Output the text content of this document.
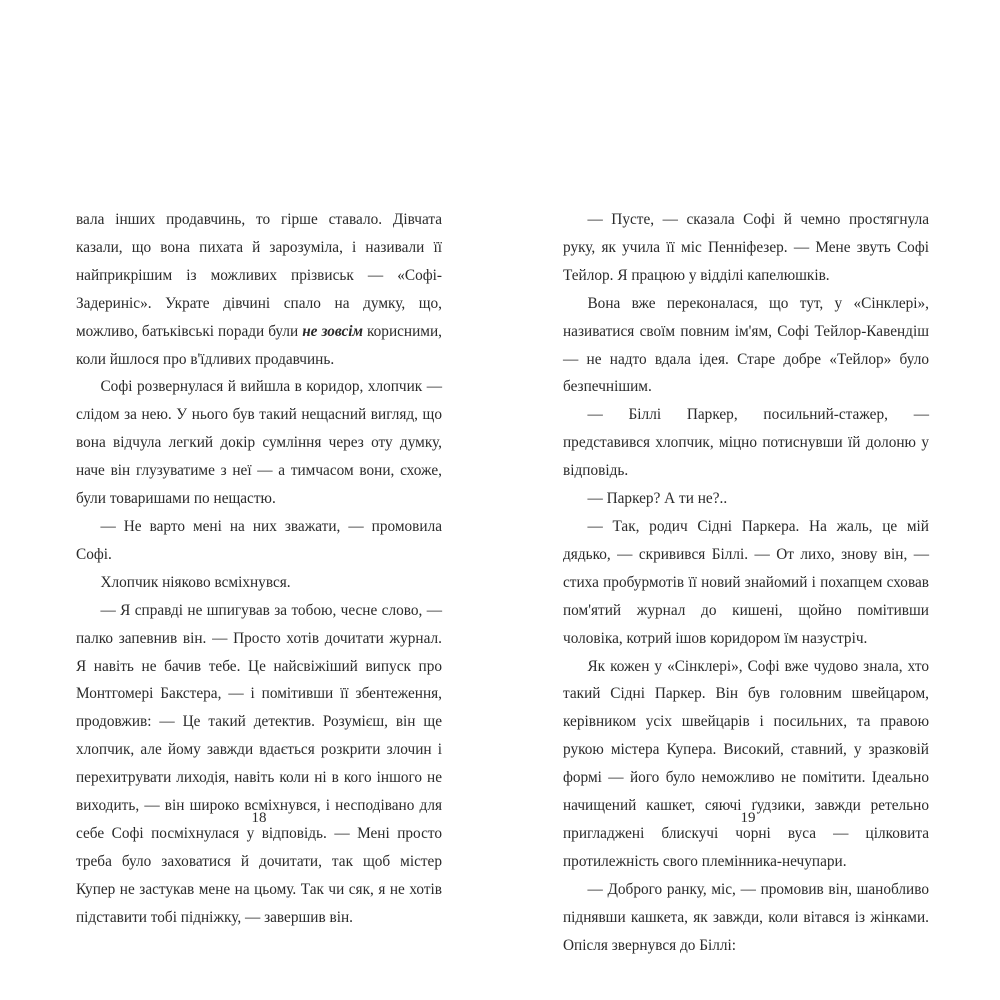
вала інших продавчинь, то гірше ставало. Дівчата казали, що вона пихата й зарозуміла, і називали її найприкрішим із можливих прізвиськ — «Софі-Задериніс». Украте дівчині спало на думку, що, можливо, батьківські поради були не зовсім корисними, коли йшлося про в'їдливих продавчинь.

Софі розвернулася й вийшла в коридор, хлопчик — слідом за нею. У нього був такий нещасний вигляд, що вона відчула легкий докір сумління через оту думку, наче він глузуватиме з неї — а тимчасом вони, схоже, були товаришами по нещастю.

— Не варто мені на них зважати, — промовила Софі.

Хлопчик ніяково всміхнувся.

— Я справді не шпигував за тобою, чесне слово, — палко запевнив він. — Просто хотів дочитати журнал. Я навіть не бачив тебе. Це найсвіжіший випуск про Монтгомері Бакстера, — і помітивши її збентеження, продовжив: — Це такий детектив. Розумієш, він ще хлопчик, але йому завжди вдається розкрити злочин і перехитрувати лиходія, навіть коли ні в кого іншого не виходить, — він широко всміхнувся, і несподівано для себе Софі посміхнулася у відповідь. — Мені просто треба було заховатися й дочитати, так щоб містер Купер не застукав мене на цьому. Так чи сяк, я не хотів підставити тобі підніжку, — завершив він.

18

— Пусте, — сказала Софі й чемно простягнула руку, як учила її міс Пенніфезер. — Мене звуть Софі Тейлор. Я працюю у відділі капелюшків.

Вона вже переконалася, що тут, у «Сінклері», називатися своїм повним ім'ям, Софі Тейлор-Кавендіш — не надто вдала ідея. Старе добре «Тейлор» було безпечнішим.

— Біллі Паркер, посильний-стажер, — представився хлопчик, міцно потиснувши їй долоню у відповідь.

— Паркер? А ти не?..

— Так, родич Сідні Паркера. На жаль, це мій дядько, — скривився Біллі. — От лихо, знову він, — стиха пробурмотів її новий знайомий і похапцем сховав пом'ятий журнал до кишені, щойно помітивши чоловіка, котрий ішов коридором їм назустріч.

Як кожен у «Сінклері», Софі вже чудово знала, хто такий Сідні Паркер. Він був головним швейцаром, керівником усіх швейцарів і посильних, та правою рукою містера Купера. Високий, ставний, у зразковій формі — його було неможливо не помітити. Ідеально начищений кашкет, сяючі ґудзики, завжди ретельно пригладжені блискучі чорні вуса — цілковита протилежність свого племінника-нечупари.

— Доброго ранку, міс, — промовив він, шанобливо піднявши кашкета, як завжди, коли вітався із жінками. Опісля звернувся до Біллі:

19
